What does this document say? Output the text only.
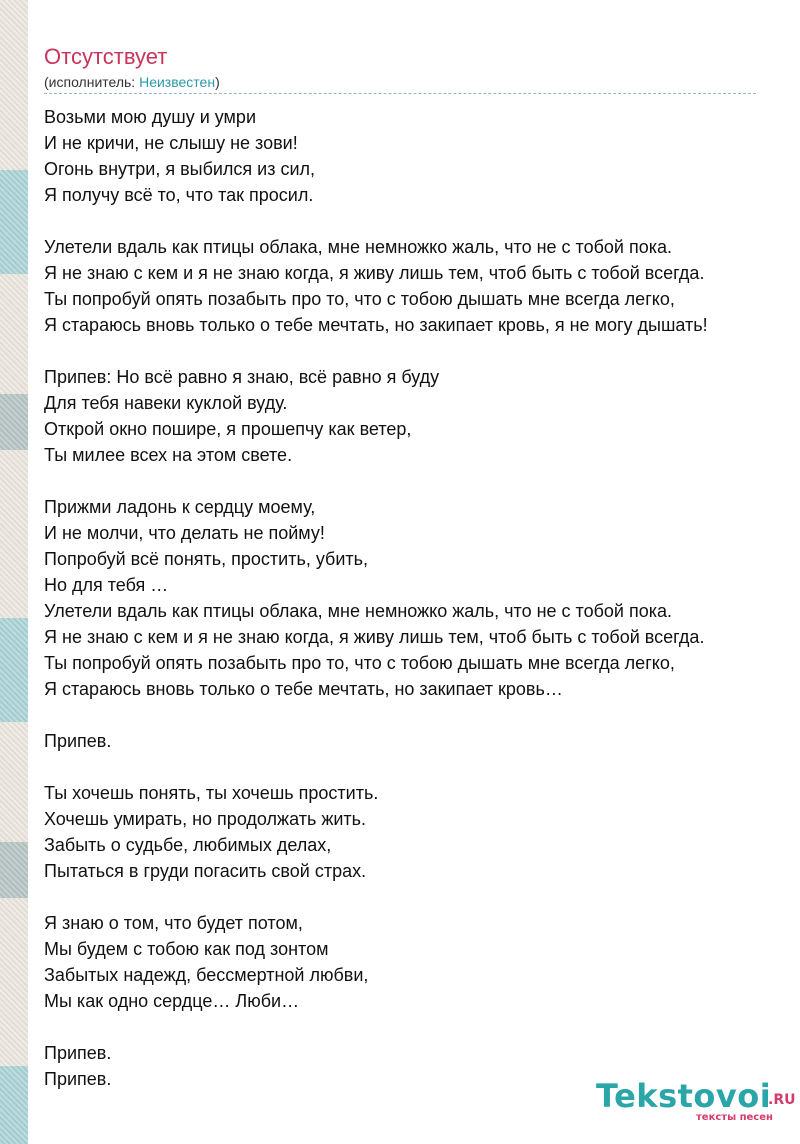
Отсутствует
(исполнитель: Неизвестен)
Возьми мою душу и умри
И не кричи, не слышу не зови!
Огонь внутри, я выбился из сил,
Я получу всё то, что так просил.
Улетели вдаль как птицы облака, мне немножко жаль, что не с тобой пока.
Я не знаю с кем и я не знаю когда, я живу лишь тем, чтоб быть с тобой всегда.
Ты попробуй опять позабыть про то, что с тобою дышать мне всегда легко,
Я стараюсь вновь только о тебе мечтать, но закипает кровь, я не могу дышать!
Припев: Но всё равно я знаю, всё равно я буду
Для тебя навеки куклой вуду.
Открой окно пошире, я прошепчу как ветер,
Ты милее всех на этом свете.
Прижми ладонь к сердцу моему,
И не молчи, что делать не пойму!
Попробуй всё понять, простить, убить,
Но для тебя …
Улетели вдаль как птицы облака, мне немножко жаль, что не с тобой пока.
Я не знаю с кем и я не знаю когда, я живу лишь тем, чтоб быть с тобой всегда.
Ты попробуй опять позабыть про то, что с тобою дышать мне всегда легко,
Я стараюсь вновь только о тебе мечтать, но закипает кровь…
Припев.
Ты хочешь понять, ты хочешь простить.
Хочешь умирать, но продолжать жить.
Забыть о судьбе, любимых делах,
Пытаться в груди погасить свой страх.
Я знаю о том, что будет потом,
Мы будем с тобою как под зонтом
Забытых надежд, бессмертной любви,
Мы как одно сердце… Люби…
Припев.
Припев.	Tekstovoi
.RU
тексты песен
